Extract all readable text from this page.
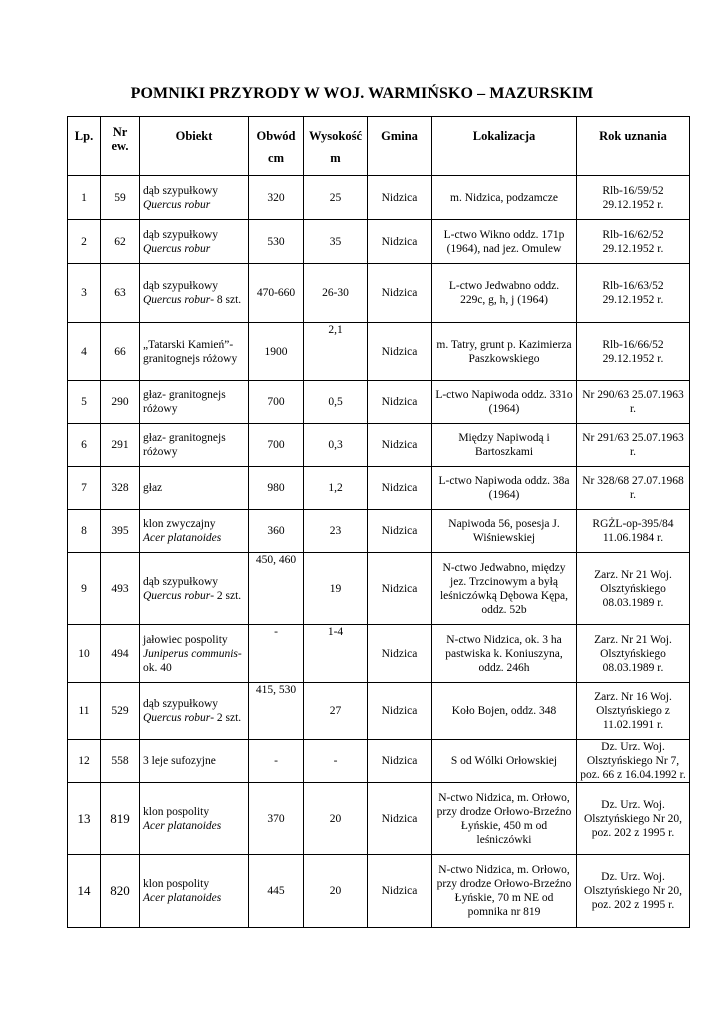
POMNIKI PRZYRODY W WOJ. WARMIŃSKO – MAZURSKIM
Lp.	Nr
ew.	Obiekt	Obwód
cm	Wysokość
m	Gmina	Lokalizacja	Rok uznania
1	59	dąb szypułkowy
Quercus robur	320	25	Nidzica	m. Nidzica, podzamcze	Rlb-16/59/52 29.12.1952 r.
2	62	dąb szypułkowy
Quercus robur	530	35	Nidzica	L-ctwo Wikno oddz. 171p (1964), nad jez. Omulew	Rlb-16/62/52 29.12.1952 r.
3	63	dąb szypułkowy
Quercus robur- 8 szt.	470-660	26-30	Nidzica	L-ctwo Jedwabno oddz. 229c, g, h, j (1964)	Rlb-16/63/52 29.12.1952 r.
4	66	„Tatarski Kamień”- granitognejs różowy	1900	2,1	Nidzica	m. Tatry, grunt p. Kazimierza Paszkowskiego	Rlb-16/66/52 29.12.1952 r.
5	290	głaz- granitognejs różowy	700	0,5	Nidzica	L-ctwo Napiwoda oddz. 331o (1964)	Nr 290/63 25.07.1963 r.
6	291	głaz- granitognejs różowy	700	0,3	Nidzica	Między Napiwodą i Bartoszkami	Nr 291/63 25.07.1963 r.
7	328	głaz	980	1,2	Nidzica	L-ctwo Napiwoda oddz. 38a (1964)	Nr 328/68 27.07.1968 r.
8	395	klon zwyczajny
Acer platanoides	360	23	Nidzica	Napiwoda 56, posesja J. Wiśniewskiej	RGŻL-op-395/84 11.06.1984 r.
9	493	dąb szypułkowy
Quercus robur- 2 szt.	450, 460	19	Nidzica	N-ctwo Jedwabno, między jez. Trzcinowym a byłą leśniczówką Dębowa Kępa, oddz. 52b	Zarz. Nr 21 Woj. Olsztyńskiego 08.03.1989 r.
10	494	jałowiec pospolity
Juniperus communis- ok. 40	-	1-4	Nidzica	N-ctwo Nidzica, ok. 3 ha pastwiska k. Koniuszyna, oddz. 246h	Zarz. Nr 21 Woj. Olsztyńskiego 08.03.1989 r.
11	529	dąb szypułkowy
Quercus robur- 2 szt.	415, 530	27	Nidzica	Koło Bojen, oddz. 348	Zarz. Nr 16 Woj. Olsztyńskiego z 11.02.1991 r.
12	558	3 leje sufozyjne	-	-	Nidzica	S od Wólki Orłowskiej	Dz. Urz. Woj. Olsztyńskiego Nr 7, poz. 66 z 16.04.1992 r.
13	819	klon pospolity
Acer platanoides	370	20	Nidzica	N-ctwo Nidzica, m. Orłowo, przy drodze Orłowo-Brzeźno Łyńskie, 450 m od leśniczówki	Dz. Urz. Woj. Olsztyńskiego Nr 20, poz. 202 z 1995 r.
14	820	klon pospolity
Acer platanoides	445	20	Nidzica	N-ctwo Nidzica, m. Orłowo, przy drodze Orłowo-Brzeźno Łyńskie, 70 m NE od pomnika nr 819	Dz. Urz. Woj. Olsztyńskiego Nr 20, poz. 202 z 1995 r.
